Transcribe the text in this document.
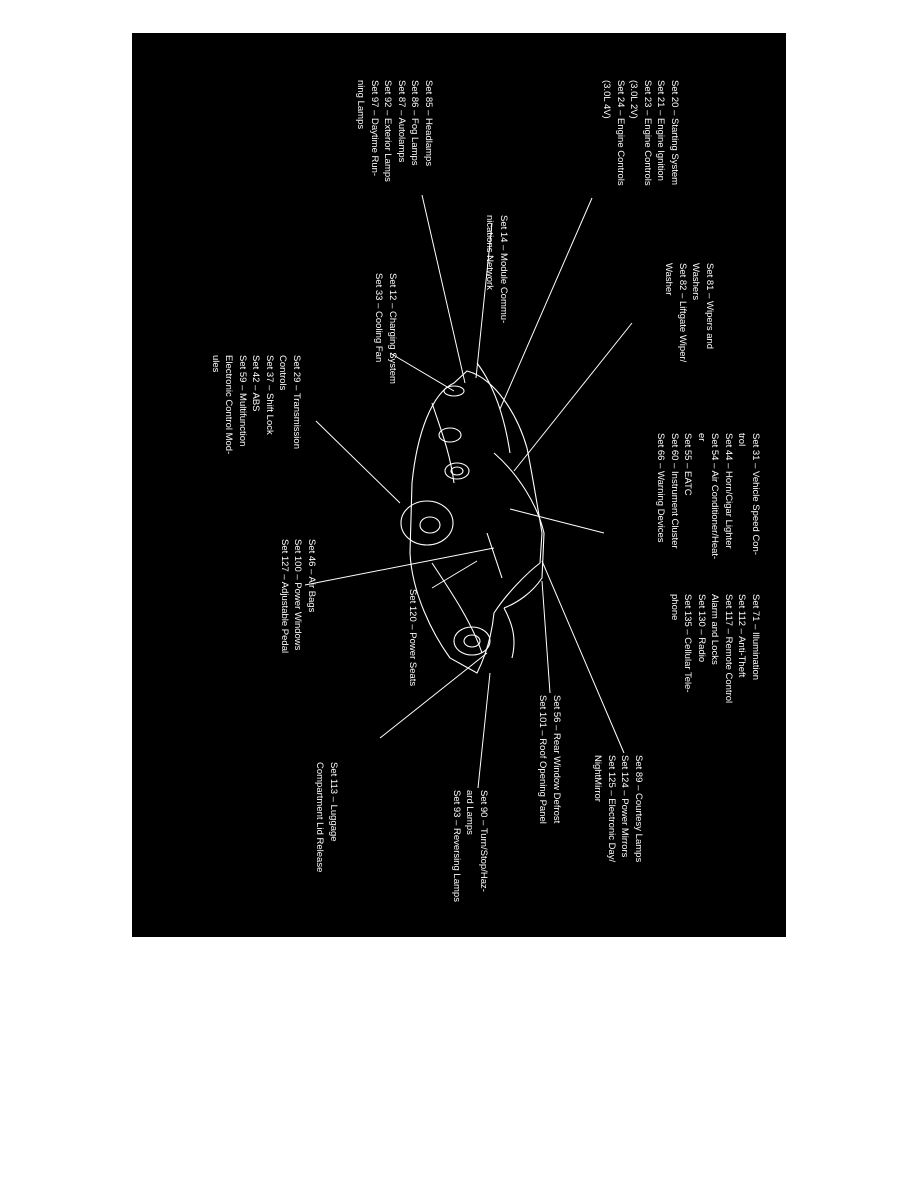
Set 20 – Starting System
Set 21 – Engine Ignition
Set 23 – Engine Controls
(3.0L 2V)
Set 24 – Engine Controls
(3.0L 4V)
Set 85 – Headlamps
Set 86 – Fog Lamps
Set 87 – Autolamps
Set 92 – Exterior Lamps
Set 97 – Daytime Run-
ning Lamps
Set 14 – Module Commu-
nications Network
Set 81 – Wipers and
Washers
Set 82 – Liftgate Wiper/
Washer
Set 12 – Charging System
Set 33 – Cooling Fan
Set 29 – Transmission
Controls
Set 37 – Shift Lock
Set 42 – ABS
Set 59 – Multifunction
Electronic Control Mod-
ules
Set 31 – Vehicle Speed Con-
trol
Set 44 – Horn/Cigar Lighter
Set 54 – Air Conditioner/Heat-
er
Set 55 – EATC
Set 60 – Instrument Cluster
Set 66 – Warning Devices
Set 71 – Illumination
Set 112 – Anti-Theft
Set 117 – Remote Control
Alarm and Locks
Set 130 – Radio
Set 135 – Cellular Tele-
phone
Set 46 – Air Bags
Set 100 – Power Windows
Set 127 – Adjustable Pedal	Set 120 – Power Seats
Set 56 – Rear Window Defrost
Set 101 – Roof Opening Panel	Set 89 – Courtesy Lamps
Set 124 – Power Mirrors
Set 125 – Electronic Day/
NightMirror
Set 90 – Turn/Stop/Haz-
ard Lamps
Set 93 – Reversing Lamps
Set 113 – Luggage
Compartment Lid Release
